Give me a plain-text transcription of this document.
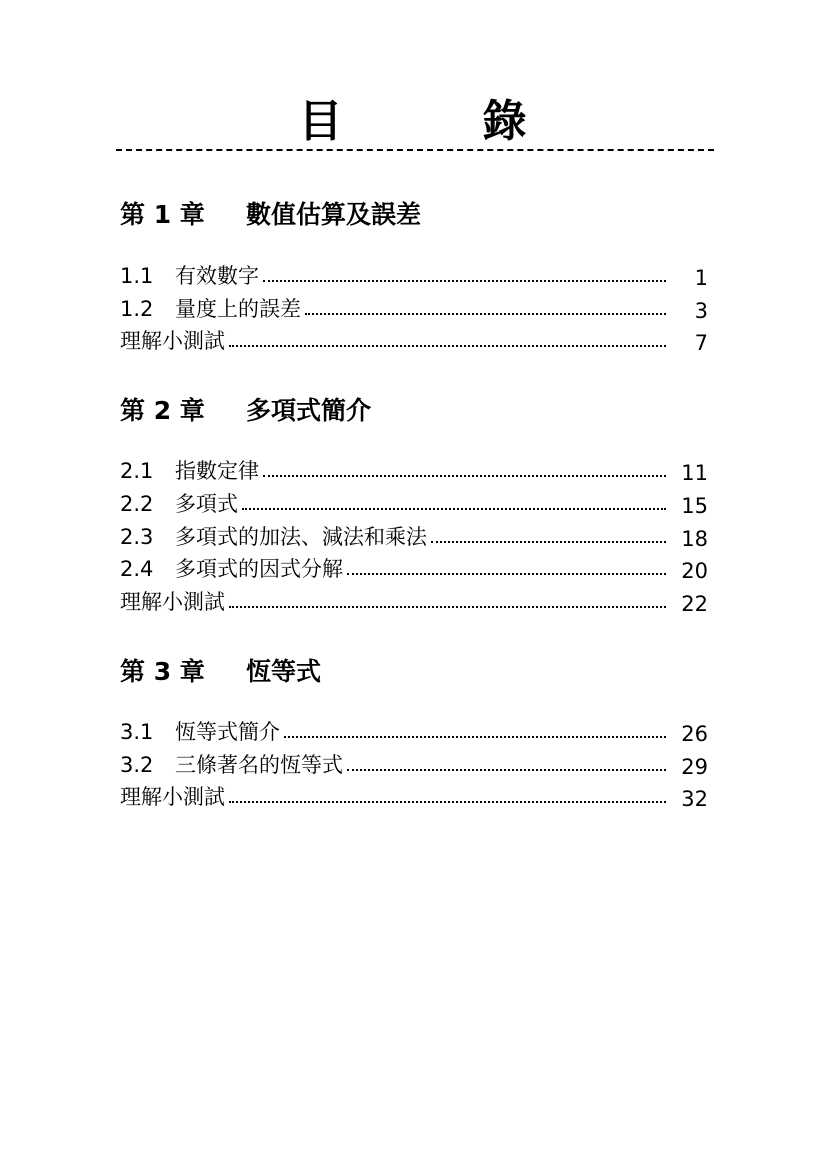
目　錄
第 1 章 數值估算及誤差
1.1 有效數字	1
1.2 量度上的誤差	3
理解小測試	7
第 2 章 多項式簡介
2.1 指數定律	11
2.2 多項式	15
2.3 多項式的加法、減法和乘法	18
2.4 多項式的因式分解	20
理解小測試	22
第 3 章 恆等式
3.1 恆等式簡介	26
3.2 三條著名的恆等式	29
理解小測試	32
